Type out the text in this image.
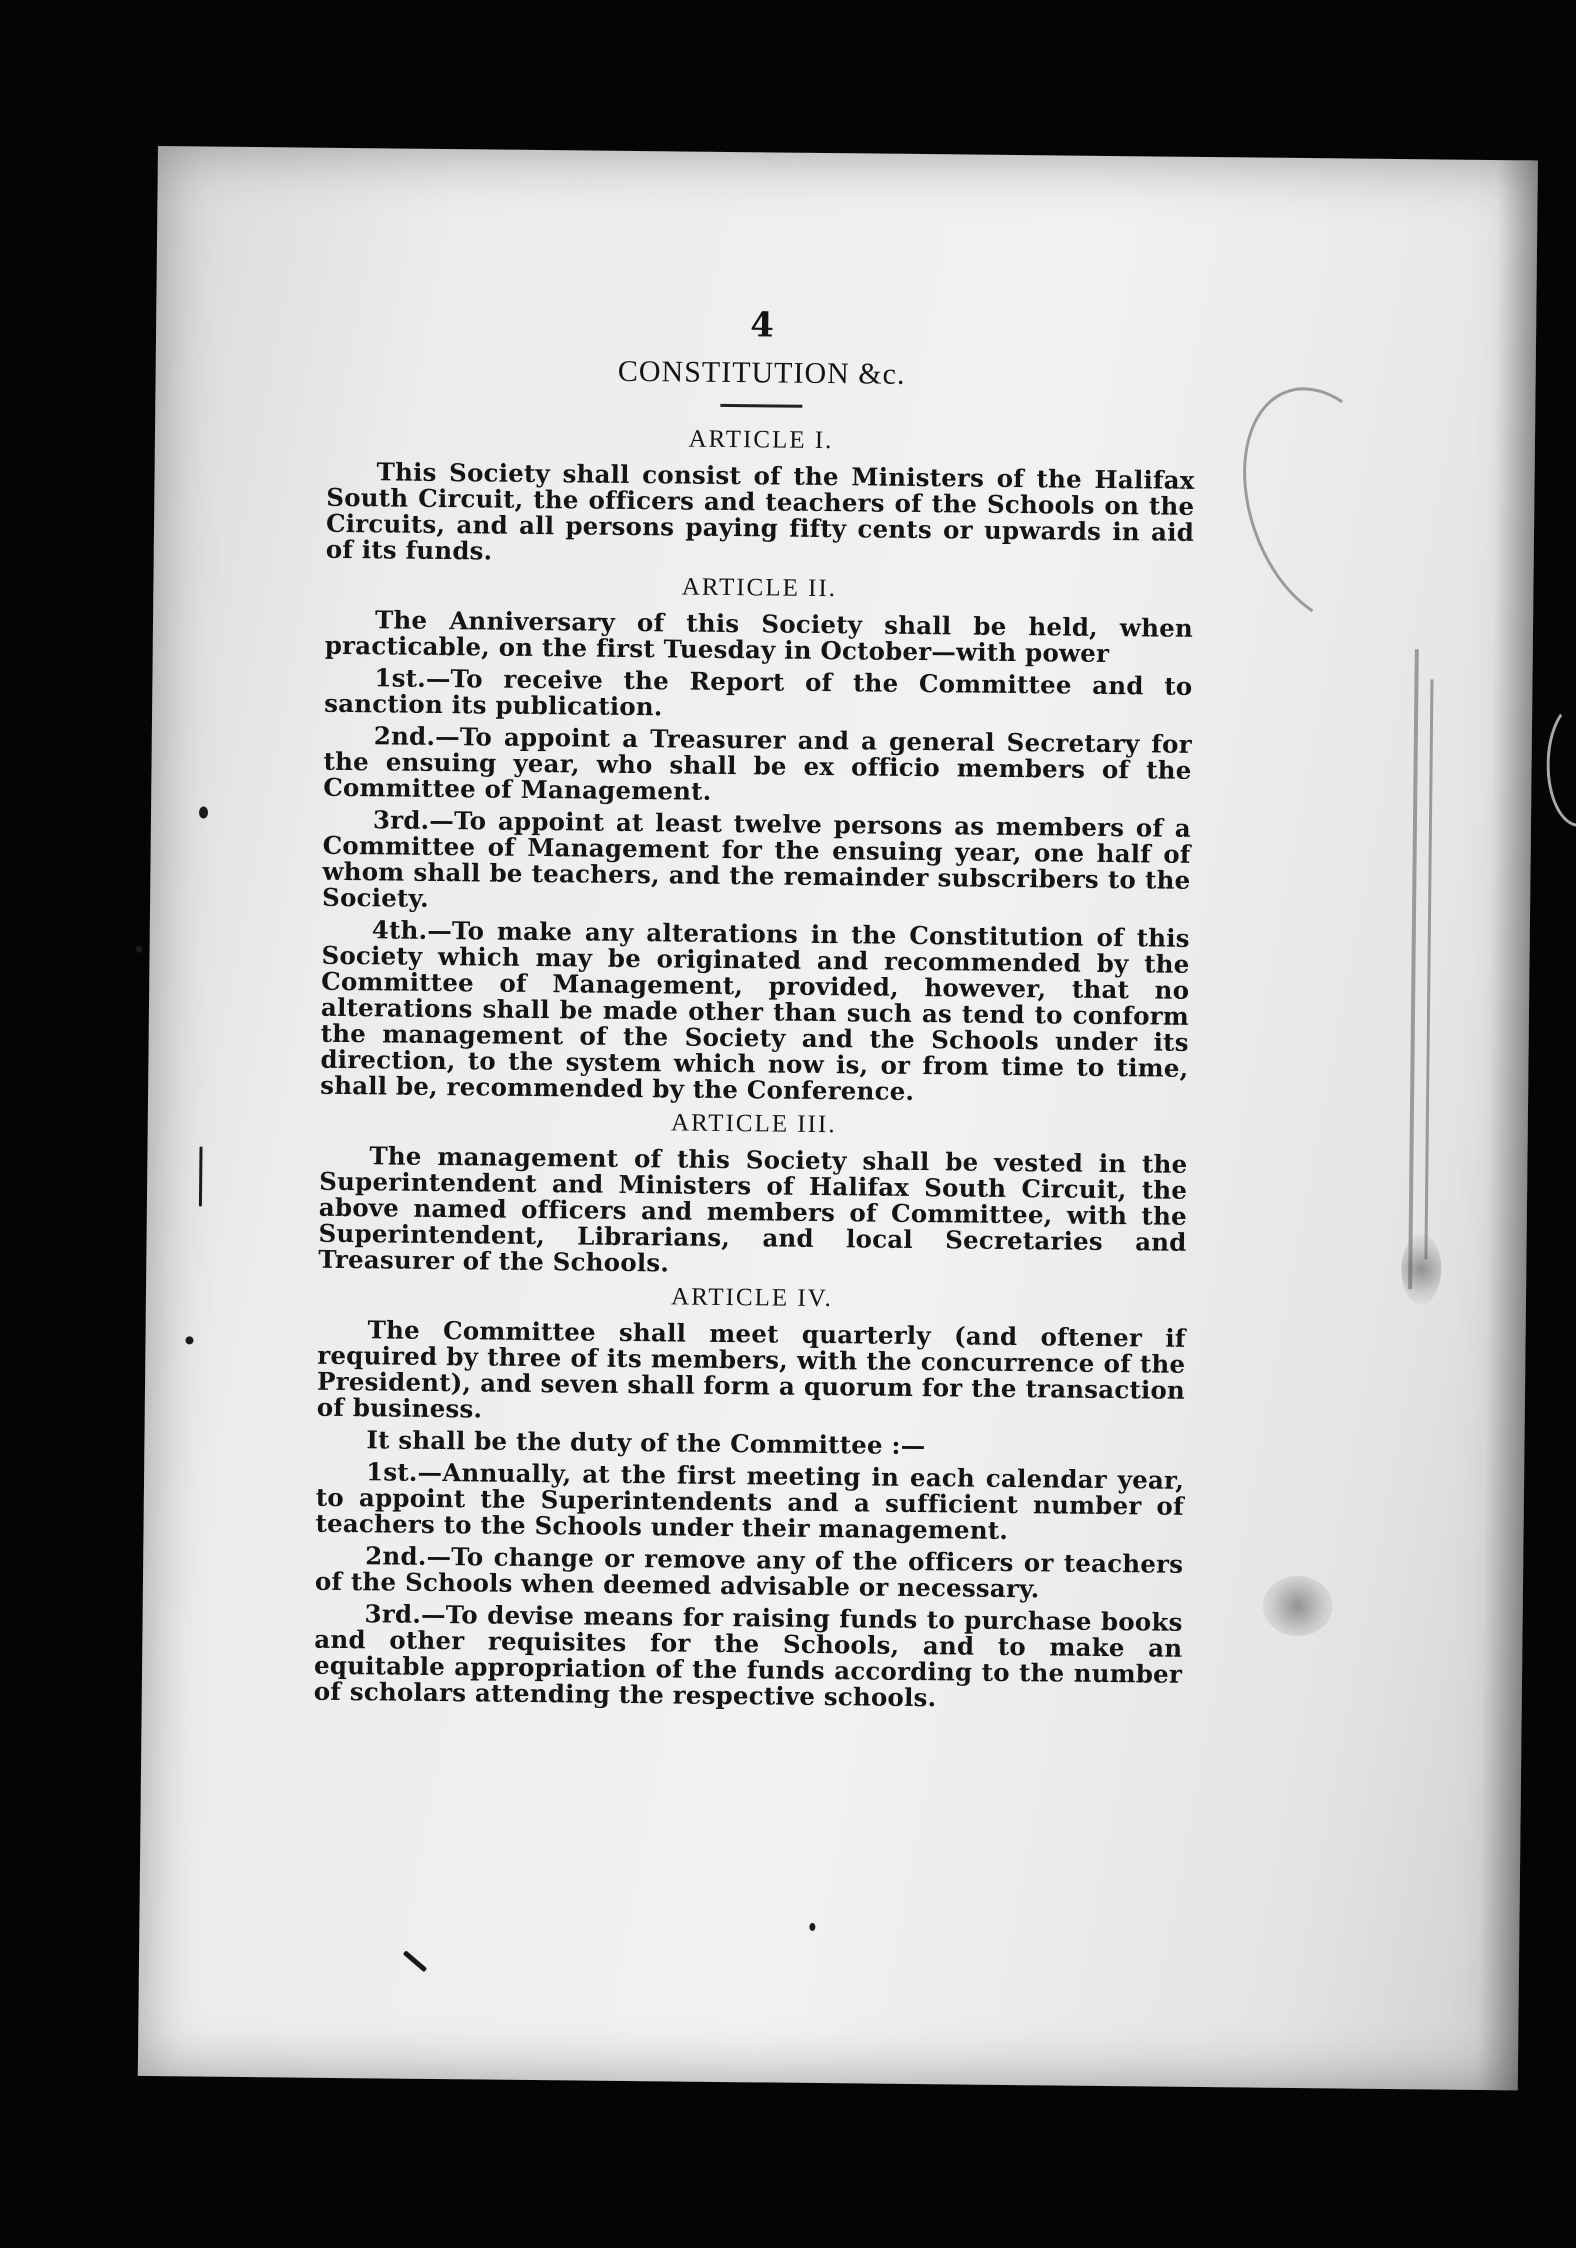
4
CONSTITUTION &c.
ARTICLE I.

This Society shall consist of the Ministers of the Halifax South Circuit, the officers and teachers of the Schools on the Circuits, and all persons paying fifty cents or upwards in aid of its funds.

ARTICLE II.

The Anniversary of this Society shall be held, when practicable, on the first Tuesday in October—with power

1st.—To receive the Report of the Committee and to sanction its publication.

2nd.—To appoint a Treasurer and a general Secretary for the ensuing year, who shall be ex officio members of the Committee of Management.

3rd.—To appoint at least twelve persons as members of a Committee of Management for the ensuing year, one half of whom shall be teachers, and the remainder subscribers to the Society.

4th.—To make any alterations in the Constitution of this Society which may be originated and recommended by the Committee of Management, provided, however, that no alterations shall be made other than such as tend to conform the management of the Society and the Schools under its direction, to the system which now is, or from time to time, shall be, recommended by the Conference.

ARTICLE III.

The management of this Society shall be vested in the Superintendent and Ministers of Halifax South Circuit, the above named officers and members of Committee, with the Superintendent, Librarians, and local Secretaries and Treasurer of the Schools.

ARTICLE IV.

The Committee shall meet quarterly (and oftener if required by three of its members, with the concurrence of the President), and seven shall form a quorum for the transaction of business.

It shall be the duty of the Committee :—

1st.—Annually, at the first meeting in each calendar year, to appoint the Superintendents and a sufficient number of teachers to the Schools under their management.

2nd.—To change or remove any of the officers or teachers of the Schools when deemed advisable or necessary.

3rd.—To devise means for raising funds to purchase books and other requisites for the Schools, and to make an equitable appropriation of the funds according to the number of scholars attending the respective schools.
